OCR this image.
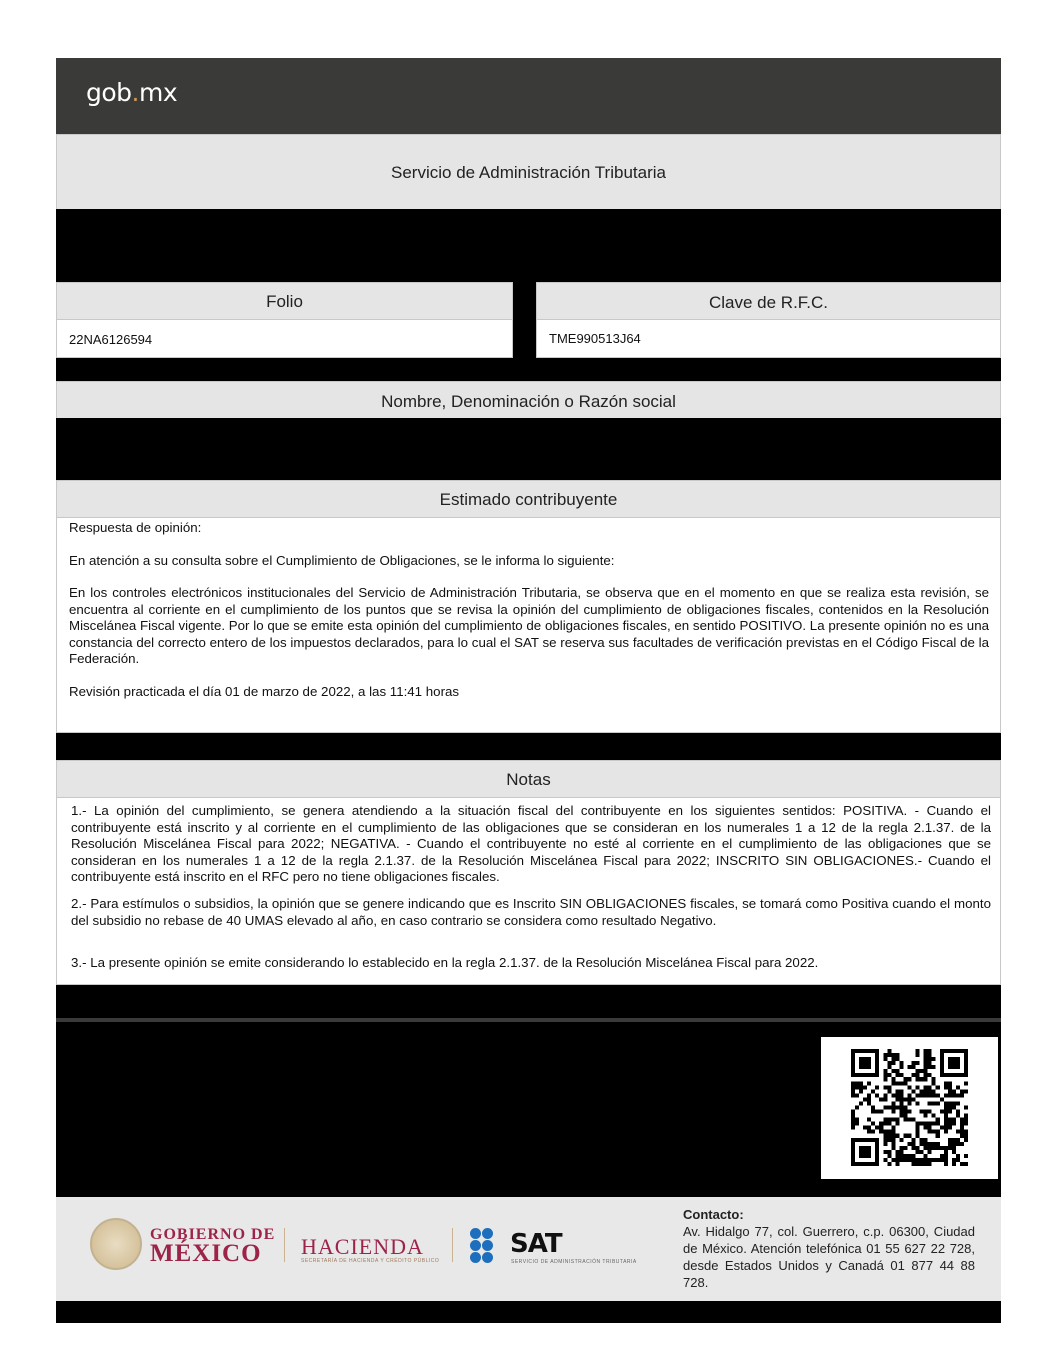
gob.mx
Servicio de Administración Tributaria
Folio
22NA6126594
Clave de R.F.C.
TME990513J64
Nombre, Denominación o Razón social
Estimado contribuyente

Respuesta de opinión:

En atención a su consulta sobre el Cumplimiento de Obligaciones, se le informa lo siguiente:

En los controles electrónicos institucionales del Servicio de Administración Tributaria, se observa que en el momento en que se realiza esta revisión, se encuentra al corriente en el cumplimiento de los puntos que se revisa la opinión del cumplimiento de obligaciones fiscales, contenidos en la Resolución Miscelánea Fiscal vigente. Por lo que se emite esta opinión del cumplimiento de obligaciones fiscales, en sentido POSITIVO. La presente opinión no es una constancia del correcto entero de los impuestos declarados, para lo cual el SAT se reserva sus facultades de verificación previstas en el Código Fiscal de la Federación.

Revisión practicada el día 01 de marzo de 2022, a las 11:41 horas

Notas

1.- La opinión del cumplimiento, se genera atendiendo a la situación fiscal del contribuyente en los siguientes sentidos: POSITIVA. - Cuando el contribuyente está inscrito y al corriente en el cumplimiento de las obligaciones que se consideran en los numerales 1 a 12 de la regla 2.1.37. de la Resolución Miscelánea Fiscal para 2022; NEGATIVA. - Cuando el contribuyente no esté al corriente en el cumplimiento de las obligaciones que se consideran en los numerales 1 a 12 de la regla 2.1.37. de la Resolución Miscelánea Fiscal para 2022; INSCRITO SIN OBLIGACIONES.- Cuando el contribuyente está inscrito en el RFC pero no tiene obligaciones fiscales.

2.- Para estímulos o subsidios, la opinión que se genere indicando que es Inscrito SIN OBLIGACIONES fiscales, se tomará como Positiva cuando el monto del subsidio no rebase de 40 UMAS elevado al año, en caso contrario se considera como resultado Negativo.

3.- La presente opinión se emite considerando lo establecido en la regla 2.1.37. de la Resolución Miscelánea Fiscal para 2022.

GOBIERNO DE
MÉXICO HACIENDA
SECRETARÍA DE HACIENDA Y CRÉDITO PÚBLICO
SAT
SERVICIO DE ADMINISTRACIÓN TRIBUTARIA
Contacto:
Av. Hidalgo 77, col. Guerrero, c.p. 06300, Ciudad de México. Atención telefónica 01 55 627 22 728, desde Estados Unidos y Canadá 01 877 44 88 728.
